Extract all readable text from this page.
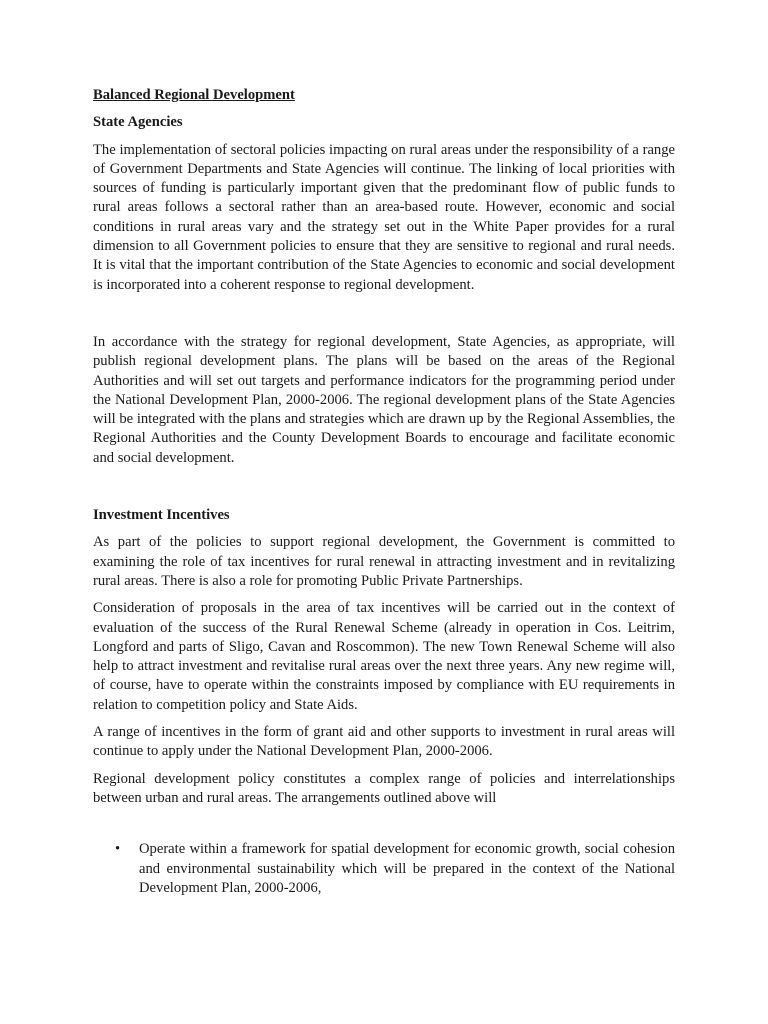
Balanced Regional Development
State Agencies

The implementation of sectoral policies impacting on rural areas under the responsibility of a range of Government Departments and State Agencies will continue. The linking of local priorities with sources of funding is particularly important given that the predominant flow of public funds to rural areas follows a sectoral rather than an area-based route. However, economic and social conditions in rural areas vary and the strategy set out in the White Paper provides for a rural dimension to all Government policies to ensure that they are sensitive to regional and rural needs. It is vital that the important contribution of the State Agencies to economic and social development is incorporated into a coherent response to regional development.

In accordance with the strategy for regional development, State Agencies, as appropriate, will publish regional development plans. The plans will be based on the areas of the Regional Authorities and will set out targets and performance indicators for the programming period under the National Development Plan, 2000-2006. The regional development plans of the State Agencies will be integrated with the plans and strategies which are drawn up by the Regional Assemblies, the Regional Authorities and the County Development Boards to encourage and facilitate economic and social development.

Investment Incentives

As part of the policies to support regional development, the Government is committed to examining the role of tax incentives for rural renewal in attracting investment and in revitalizing rural areas. There is also a role for promoting Public Private Partnerships.

Consideration of proposals in the area of tax incentives will be carried out in the context of evaluation of the success of the Rural Renewal Scheme (already in operation in Cos. Leitrim, Longford and parts of Sligo, Cavan and Roscommon). The new Town Renewal Scheme will also help to attract investment and revitalise rural areas over the next three years. Any new regime will, of course, have to operate within the constraints imposed by compliance with EU requirements in relation to competition policy and State Aids.

A range of incentives in the form of grant aid and other supports to investment in rural areas will continue to apply under the National Development Plan, 2000-2006.

Regional development policy constitutes a complex range of policies and interrelationships between urban and rural areas. The arrangements outlined above will

• Operate within a framework for spatial development for economic growth, social cohesion and environmental sustainability which will be prepared in the context of the National Development Plan, 2000-2006,
